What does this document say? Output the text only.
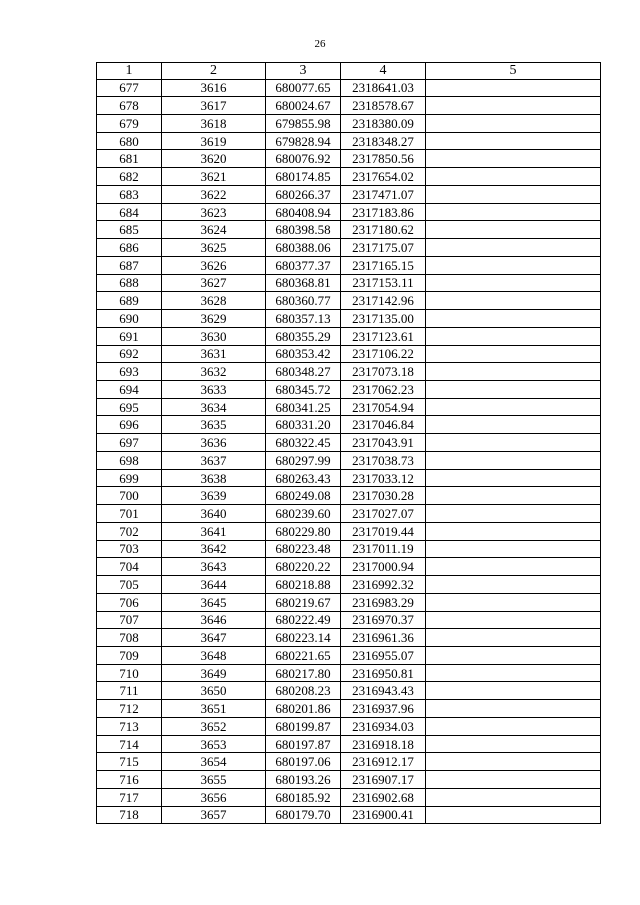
26
1	2	3	4	5
677	3616	680077.65	2318641.03	
678	3617	680024.67	2318578.67	
679	3618	679855.98	2318380.09	
680	3619	679828.94	2318348.27	
681	3620	680076.92	2317850.56	
682	3621	680174.85	2317654.02	
683	3622	680266.37	2317471.07	
684	3623	680408.94	2317183.86	
685	3624	680398.58	2317180.62	
686	3625	680388.06	2317175.07	
687	3626	680377.37	2317165.15	
688	3627	680368.81	2317153.11	
689	3628	680360.77	2317142.96	
690	3629	680357.13	2317135.00	
691	3630	680355.29	2317123.61	
692	3631	680353.42	2317106.22	
693	3632	680348.27	2317073.18	
694	3633	680345.72	2317062.23	
695	3634	680341.25	2317054.94	
696	3635	680331.20	2317046.84	
697	3636	680322.45	2317043.91	
698	3637	680297.99	2317038.73	
699	3638	680263.43	2317033.12	
700	3639	680249.08	2317030.28	
701	3640	680239.60	2317027.07	
702	3641	680229.80	2317019.44	
703	3642	680223.48	2317011.19	
704	3643	680220.22	2317000.94	
705	3644	680218.88	2316992.32	
706	3645	680219.67	2316983.29	
707	3646	680222.49	2316970.37	
708	3647	680223.14	2316961.36	
709	3648	680221.65	2316955.07	
710	3649	680217.80	2316950.81	
711	3650	680208.23	2316943.43	
712	3651	680201.86	2316937.96	
713	3652	680199.87	2316934.03	
714	3653	680197.87	2316918.18	
715	3654	680197.06	2316912.17	
716	3655	680193.26	2316907.17	
717	3656	680185.92	2316902.68	
718	3657	680179.70	2316900.41	
